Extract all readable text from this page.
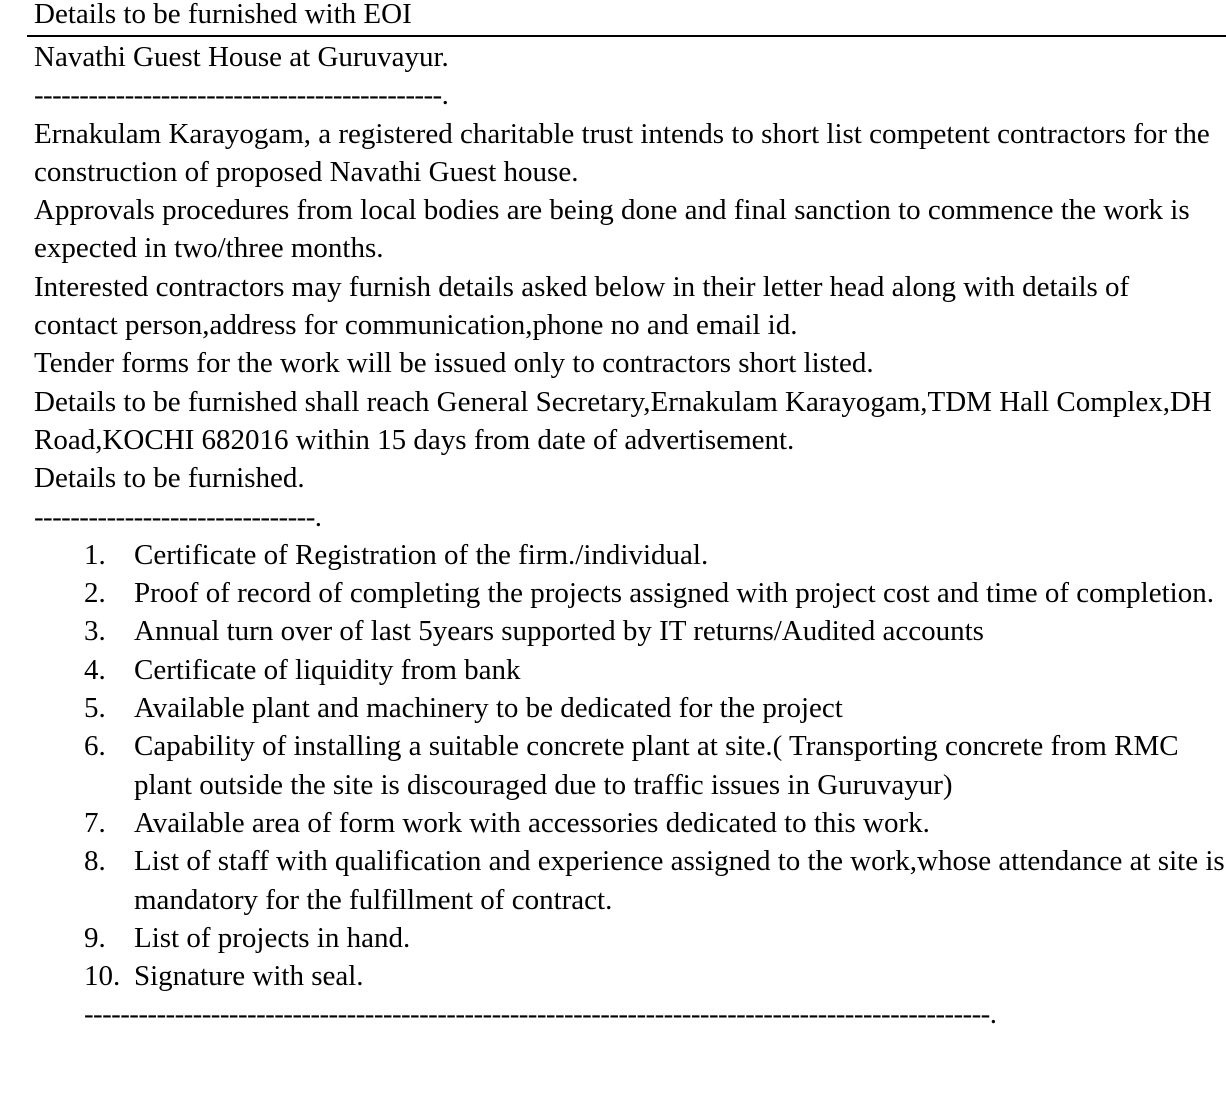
Details to be furnished with EOI

Navathi Guest House at Guruvayur.

---------------------------------------------.

Ernakulam Karayogam, a registered charitable trust intends to short list competent contractors for the construction of proposed Navathi Guest house.

Approvals procedures from local bodies are being done and final sanction to commence the work is expected in two/three months.

Interested contractors may furnish details asked below in their letter head along with details of contact person,address for communication,phone no and email id.

Tender forms for the work will be issued only to contractors short listed.

Details to be furnished shall reach General Secretary,Ernakulam Karayogam,TDM Hall Complex,DH Road,KOCHI 682016 within 15 days from date of advertisement.

Details to be furnished.

-------------------------------.

1. Certificate of Registration of the firm./individual.
2. Proof of record of completing the projects assigned with project cost and time of completion.
3. Annual turn over of last 5years supported by IT returns/Audited accounts
4. Certificate of liquidity from bank
5. Available plant and machinery to be dedicated for the project
6. Capability of installing a suitable concrete plant at site.( Transporting concrete from RMC plant outside the site is discouraged due to traffic issues in Guruvayur)
7. Available area of form work with accessories dedicated to this work.
8. List of staff with qualification and experience assigned to the work,whose attendance at site is mandatory for the fulfillment of contract.
9. List of projects in hand.
10. Signature with seal.

----------------------------------------------------------------------------------------------------.
